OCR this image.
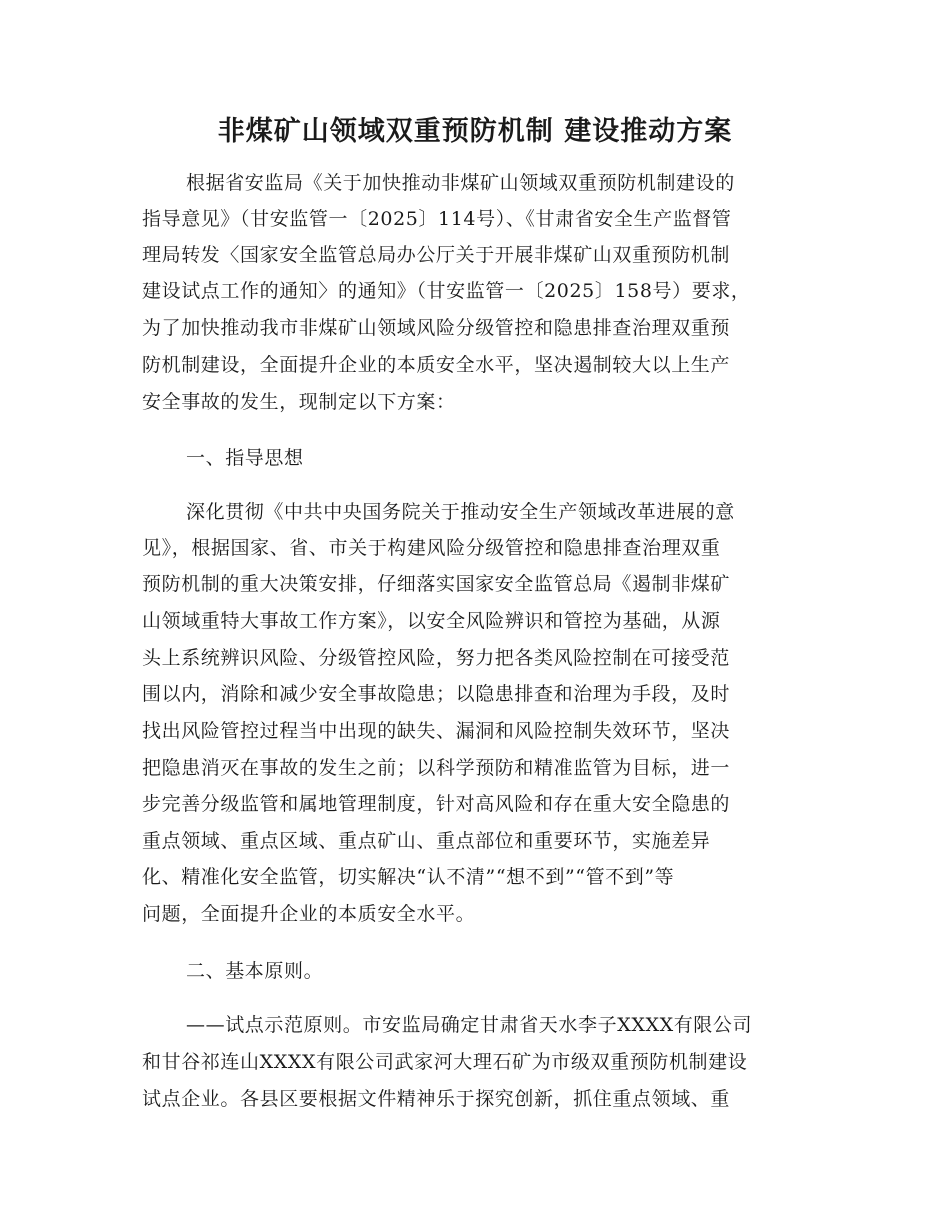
非煤矿山领域双重预防机制 建设推动方案
根据省安监局《关于加快推动非煤矿山领域双重预防机制建设的
指导意见》（甘安监管一〔2025〕114号）、《甘肃省安全生产监督管
理局转发〈国家安全监管总局办公厅关于开展非煤矿山双重预防机制
建设试点工作的通知〉的通知》（甘安监管一〔2025〕158号）要求，
为了加快推动我市非煤矿山领域风险分级管控和隐患排查治理双重预
防机制建设，全面提升企业的本质安全水平，坚决遏制较大以上生产
安全事故的发生，现制定以下方案：
一、指导思想
深化贯彻《中共中央国务院关于推动安全生产领域改革进展的意
见》，根据国家、省、市关于构建风险分级管控和隐患排查治理双重
预防机制的重大决策安排，仔细落实国家安全监管总局《遏制非煤矿
山领域重特大事故工作方案》，以安全风险辨识和管控为基础，从源
头上系统辨识风险、分级管控风险，努力把各类风险控制在可接受范
围以内，消除和减少安全事故隐患；以隐患排查和治理为手段，及时
找出风险管控过程当中出现的缺失、漏洞和风险控制失效环节，坚决
把隐患消灭在事故的发生之前；以科学预防和精准监管为目标，进一
步完善分级监管和属地管理制度，针对高风险和存在重大安全隐患的
重点领域、重点区域、重点矿山、重点部位和重要环节，实施差异
化、精准化安全监管，切实解决“认不清”“想不到”“管不到”等
问题，全面提升企业的本质安全水平。
二、基本原则。
——试点示范原则。市安监局确定甘肃省天水李子XXXX有限公司
和甘谷祁连山XXXX有限公司武家河大理石矿为市级双重预防机制建设
试点企业。各县区要根据文件精神乐于探究创新，抓住重点领域、重
